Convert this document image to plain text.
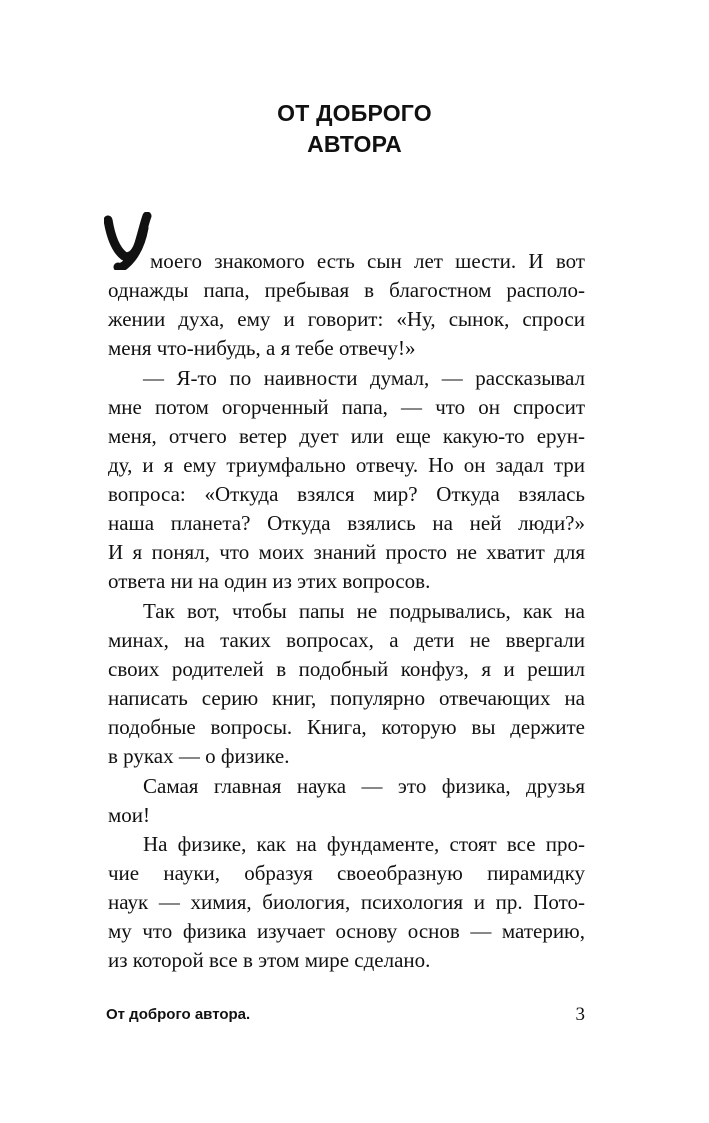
ОТ ДОБРОГО
АВТОРА
моего знакомого есть сын лет шести. И вот
однажды папа, пребывая в благостном располо-
жении духа, ему и говорит: «Ну, сынок, спроси
меня что-нибудь, а я тебе отвечу!»
— Я-то по наивности думал, — рассказывал
мне потом огорченный папа, — что он спросит
меня, отчего ветер дует или еще какую-то ерун-
ду, и я ему триумфально отвечу. Но он задал три
вопроса: «Откуда взялся мир? Откуда взялась
наша планета? Откуда взялись на ней люди?»
И я понял, что моих знаний просто не хватит для
ответа ни на один из этих вопросов.
Так вот, чтобы папы не подрывались, как на
минах, на таких вопросах, а дети не ввергали
своих родителей в подобный конфуз, я и решил
написать серию книг, популярно отвечающих на
подобные вопросы. Книга, которую вы держите
в руках — о физике.
Самая главная наука — это физика, друзья
мои!
На физике, как на фундаменте, стоят все про-
чие науки, образуя своеобразную пирамидку
наук — химия, биология, психология и пр. Пото-
му что физика изучает основу основ — материю,
из которой все в этом мире сделано.
От доброго автора.	3
